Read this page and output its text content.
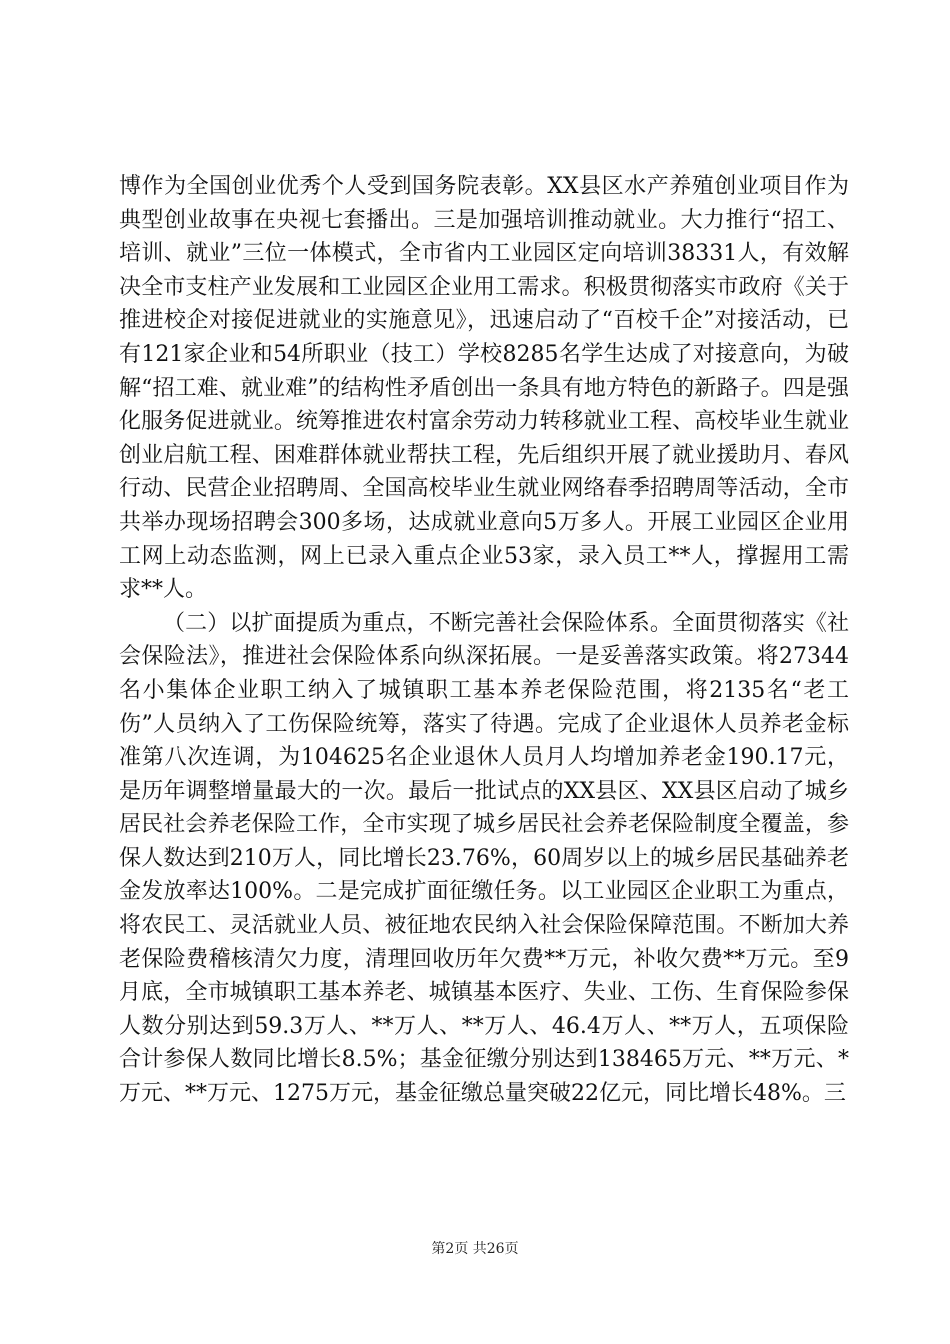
博作为全国创业优秀个人受到国务院表彰。XX县区水产养殖创业项目作为典型创业故事在央视七套播出。三是加强培训推动就业。大力推行“招工、培训、就业”三位一体模式，全市省内工业园区定向培训38331人，有效解决全市支柱产业发展和工业园区企业用工需求。积极贯彻落实市政府《关于推进校企对接促进就业的实施意见》，迅速启动了“百校千企”对接活动，已有121家企业和54所职业（技工）学校8285名学生达成了对接意向，为破解“招工难、就业难”的结构性矛盾创出一条具有地方特色的新路子。四是强化服务促进就业。统筹推进农村富余劳动力转移就业工程、高校毕业生就业创业启航工程、困难群体就业帮扶工程，先后组织开展了就业援助月、春风行动、民营企业招聘周、全国高校毕业生就业网络春季招聘周等活动，全市共举办现场招聘会300多场，达成就业意向5万多人。开展工业园区企业用工网上动态监测，网上已录入重点企业53家，录入员工**人，撑握用工需求**人。

（二）以扩面提质为重点，不断完善社会保险体系。全面贯彻落实《社会保险法》，推进社会保险体系向纵深拓展。一是妥善落实政策。将27344名小集体企业职工纳入了城镇职工基本养老保险范围，将2135名“老工伤”人员纳入了工伤保险统筹，落实了待遇。完成了企业退休人员养老金标准第八次连调，为104625名企业退休人员月人均增加养老金190.17元，是历年调整增量最大的一次。最后一批试点的XX县区、XX县区启动了城乡居民社会养老保险工作，全市实现了城乡居民社会养老保险制度全覆盖，参保人数达到210万人，同比增长23.76%，60周岁以上的城乡居民基础养老金发放率达100%。二是完成扩面征缴任务。以工业园区企业职工为重点，将农民工、灵活就业人员、被征地农民纳入社会保险保障范围。不断加大养老保险费稽核清欠力度，清理回收历年欠费**万元，补收欠费**万元。至9月底，全市城镇职工基本养老、城镇基本医疗、失业、工伤、生育保险参保人数分别达到59.3万人、**万人、**万人、46.4万人、**万人，五项保险合计参保人数同比增长8.5%；基金征缴分别达到138465万元、**万元、*万元、**万元、1275万元，基金征缴总量突破22亿元，同比增长48%。三

第2页 共26页
